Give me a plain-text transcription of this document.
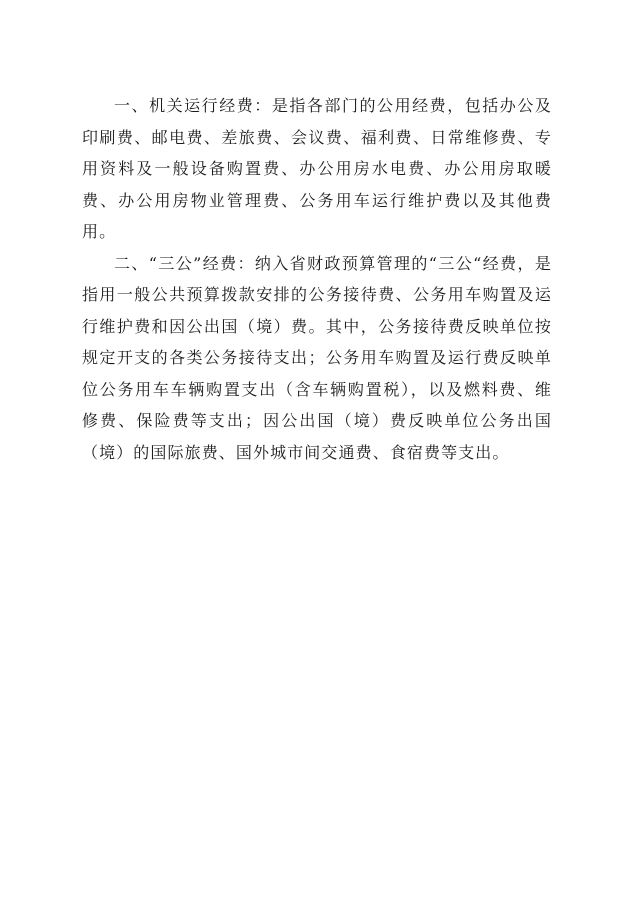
一、机关运行经费：是指各部门的公用经费，包括办公及印刷费、邮电费、差旅费、会议费、福利费、日常维修费、专用资料及一般设备购置费、办公用房水电费、办公用房取暖费、办公用房物业管理费、公务用车运行维护费以及其他费用。

二、“三公”经费：纳入省财政预算管理的“三公“经费，是指用一般公共预算拨款安排的公务接待费、公务用车购置及运行维护费和因公出国（境）费。其中，公务接待费反映单位按规定开支的各类公务接待支出；公务用车购置及运行费反映单位公务用车车辆购置支出（含车辆购置税），以及燃料费、维修费、保险费等支出；因公出国（境）费反映单位公务出国（境）的国际旅费、国外城市间交通费、食宿费等支出。
